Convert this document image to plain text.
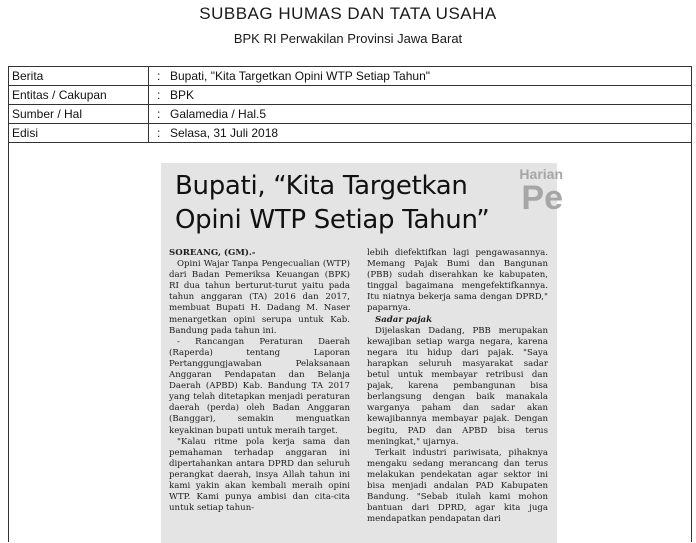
SUBBAG HUMAS DAN TATA USAHA
BPK RI Perwakilan Provinsi Jawa Barat
Berita	: Bupati, "Kita Targetkan Opini WTP Setiap Tahun"
Entitas / Cakupan	: BPK
Sumber / Hal	: Galamedia / Hal.5
Edisi	: Selasa, 31 Juli 2018
Harian
Pe
Bupati, “Kita Targetkan
Opini WTP Setiap Tahun”

SOREANG, (GM).-

Opini Wajar Tanpa Pengecualian (WTP) dari Badan Pemeriksa Keuangan (BPK) RI dua tahun berturut-turut yaitu pada tahun anggaran (TA) 2016 dan 2017, membuat Bupati H. Dadang M. Naser menargetkan opini serupa untuk Kab. Bandung pada tahun ini.

- Rancangan Peraturan Daerah (Raperda) tentang Laporan Pertanggungjawaban Pelaksanaan Anggaran Pendapatan dan Belanja Daerah (APBD) Kab. Bandung TA 2017 yang telah ditetapkan menjadi peraturan daerah (perda) oleh Badan Anggaran (Banggar), semakin menguatkan keyakinan bupati untuk meraih target.

"Kalau ritme pola kerja sama dan pemahaman terhadap anggaran ini dipertahankan antara DPRD dan seluruh perangkat daerah, insya Allah tahun ini kami yakin akan kembali meraih opini WTP. Kami punya ambisi dan cita-cita untuk setiap tahun-

lebih diefektifkan lagi pengawasannya. Memang Pajak Bumi dan Bangunan (PBB) sudah diserahkan ke kabupaten, tinggal bagaimana mengefektifkannya. Itu niatnya bekerja sama dengan DPRD," paparnya.

Sadar pajak

Dijelaskan Dadang, PBB merupakan kewajiban setiap warga negara, karena negara itu hidup dari pajak. "Saya harapkan seluruh masyarakat sadar betul untuk membayar retribusi dan pajak, karena pembangunan bisa berlangsung dengan baik manakala warganya paham dan sadar akan kewajibannya membayar pajak. Dengan begitu, PAD dan APBD bisa terus meningkat," ujarnya.

Terkait industri pariwisata, pihaknya mengaku sedang merancang dan terus melakukan pendekatan agar sektor ini bisa menjadi andalan PAD Kabupaten Bandung. "Sebab itulah kami mohon bantuan dari DPRD, agar kita juga mendapatkan pendapatan dari
